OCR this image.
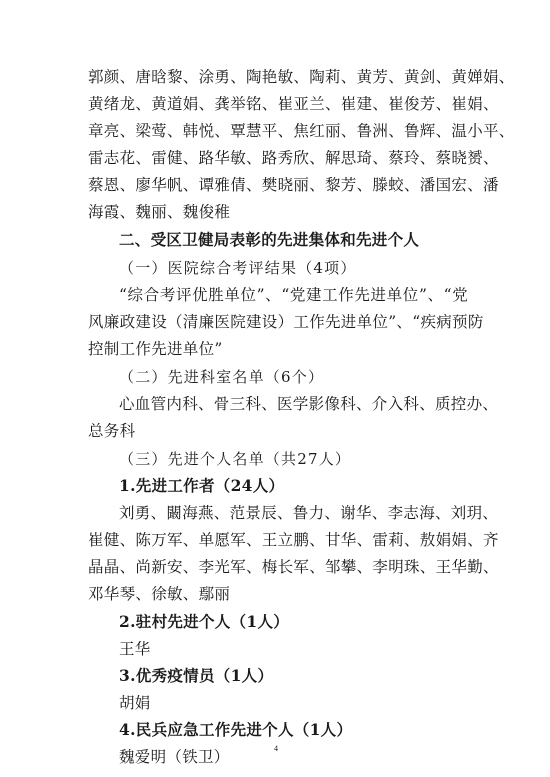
郭颜、唐晗黎、涂勇、陶艳敏、陶莉、黄芳、黄剑、黄婵娟、

黄绪龙、黄道娟、龚举铭、崔亚兰、崔建、崔俊芳、崔娟、

章亮、梁莺、韩悦、覃慧平、焦红丽、鲁洲、鲁辉、温小平、

雷志花、雷健、路华敏、路秀欣、解思琦、蔡玲、蔡晓赟、

蔡恩、廖华帆、谭雅倩、樊晓丽、黎芳、滕蛟、潘国宏、潘

海霞、魏丽、魏俊稚

二、受区卫健局表彰的先进集体和先进个人

（一）医院综合考评结果（4项）

“综合考评优胜单位”、“党建工作先进单位”、“党

风廉政建设（清廉医院建设）工作先进单位”、“疾病预防

控制工作先进单位”

（二）先进科室名单（6个）

心血管内科、骨三科、医学影像科、介入科、质控办、

总务科

（三）先进个人名单（共27人）

1.先进工作者（24人）

刘勇、闞海燕、范景辰、鲁力、谢华、李志海、刘玥、

崔健、陈万军、单愿军、王立鹏、甘华、雷莉、敖娟娟、齐

晶晶、尚新安、李光军、梅长军、邹攀、李明珠、王华勤、

邓华琴、徐敏、鄢丽

2.驻村先进个人（1人）

王华

3.优秀疫情员（1人）

胡娟

4.民兵应急工作先进个人（1人）

魏爱明（铁卫）	4
